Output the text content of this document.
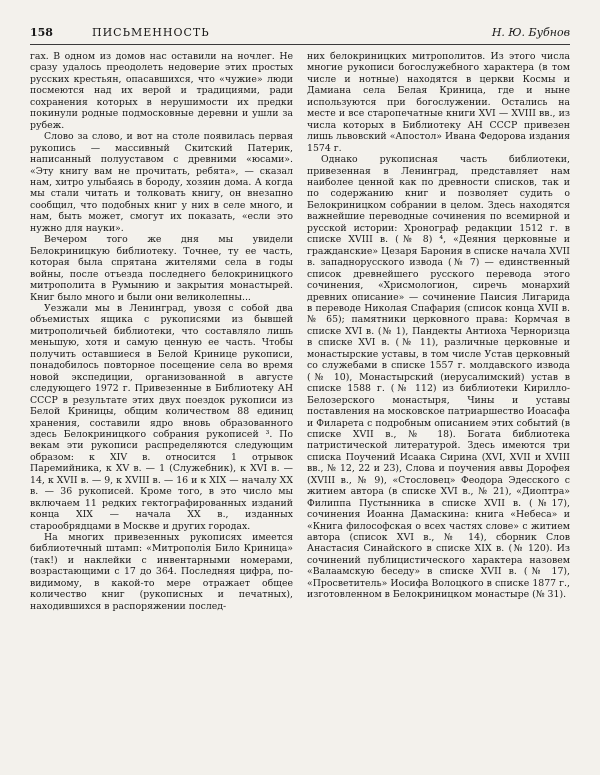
158	ПИСЬМЕННОСТЬ	Н. Ю. Бубнов

гах. В одном из домов нас оставили на ночлег. Не сразу удалось преодолеть недоверие этих простых русских крестьян, опасавшихся, что «чужие» люди посмеются над их верой и традициями, ради сохранения которых в нерушимости их предки покинули родные подмосковные деревни и ушли за рубеж.

Слово за слово, и вот на столе появилась первая рукопись — массивный Скитский Патерик, написанный полууставом с древними «юсами». «Эту книгу вам не прочитать, ребята», — сказал нам, хитро улыбаясь в бороду, хозяин дома. А когда мы стали читать и толковать книгу, он внезапно сообщил, что подобных книг у них в селе много, и нам, быть может, смогут их показать, «если это нужно для науки».

Вечером того же дня мы увидели Белокриницкую библиотеку. Точнее, ту ее часть, которая была спрятана жителями села в годы войны, после отъезда последнего белокриницкого митрополита в Румынию и закрытия монастырей. Книг было много и были они великолепны...

Уезжали мы в Ленинград, увозя с собой два объемистых ящика с рукописями из бывшей митрополичьей библиотеки, что составляло лишь меньшую, хотя и самую ценную ее часть. Чтобы получить оставшиеся в Белой Кринице рукописи, понадобилось повторное посещение села во время новой экспедиции, организованной в августе следующего 1972 г. Привезенные в Библиотеку АН СССР в результате этих двух поездок рукописи из Белой Криницы, общим количеством 88 единиц хранения, составили ядро вновь образованного здесь Белокриницкого собрания рукописей ³. По векам эти рукописи распределяются следующим образом: к XIV в. относится 1 отрывок Паремийника, к XV в. — 1 (Служебник), к XVI в. — 14, к XVII в. — 9, к XVIII в. — 16 и к XIX — началу XX в. — 36 рукописей. Кроме того, в это число мы включаем 11 редких гектографированных изданий конца XIX — начала XX в., изданных старообрядцами в Москве и других городах.

На многих привезенных рукописях имеется библиотечный штамп: «Митрополія Било Криница» (так!) и наклейки с инвентарными номерами, возрастающими с 17 до 364. Последняя цифра, по-видимому, в какой-то мере отражает общее количество книг (рукописных и печатных), находившихся в распоряжении послед-

них белокриницких митрополитов. Из этого числа многие рукописи богослужебного характера (в том числе и нотные) находятся в церкви Космы и Дамиана села Белая Криница, где и ныне используются при богослужении. Остались на месте и все старопечатные книги XVI — XVIII вв., из числа которых в Библиотеку АН СССР привезен лишь львовский «Апостол» Ивана Федорова издания 1574 г.

Однако рукописная часть библиотеки, привезенная в Ленинград, представляет нам наиболее ценной как по древности списков, так и по содержанию книг и позволяет судить о Белокриницком собрании в целом. Здесь находятся важнейшие переводные сочинения по всемирной и русской истории: Хронограф редакции 1512 г. в списке XVIII в. (№ 8) ⁴, «Деяния церковные и гражданские» Цезаря Барония в списке начала XVII в. западнорусского извода (№ 7) — единственный список древнейшего русского перевода этого сочинения, «Хрисмологион, сиречь монархий древних описание» — сочинение Паисия Лигарида в переводе Николая Спафария (список конца XVII в. № 65); памятники церковного права: Кормчая в списке XVI в. (№ 1), Пандекты Антиоха Черноризца в списке XVI в. (№ 11), различные церковные и монастырские уставы, в том числе Устав церковный со служебами в списке 1557 г. молдавского извода (№ 10), Монастырский (иерусалимский) устав в списке 1588 г. (№ 112) из библиотеки Кирилло-Белозерского монастыря, Чины и уставы поставления на московское патриаршество Иоасафа и Филарета с подробным описанием этих событий (в списке XVII в., № 18). Богата библиотека патристической литературой. Здесь имеются три списка Поучений Исаака Сирина (XVI, XVII и XVIII вв., № 12, 22 и 23), Слова и поучения аввы Дорофея (XVIII в., № 9), «Стословец» Феодора Эдесского с житием автора (в списке XVI в., № 21), «Диоптра» Филиппа Пустынника в списке XVII в. (№17), сочинения Иоанна Дамаскина: книга «Небеса» и «Книга философская о всех частях слове» с житием автора (список XVI в., № 14), сборник Слов Анастасия Синайского в списке XIX в. (№ 120). Из сочинений публицистического характера назовем «Валаамскую беседу» в списке XVII в. (№ 17), «Просветитель» Иосифа Волоцкого в списке 1877 г., изготовленном в Белокриницком монастыре (№ 31).
